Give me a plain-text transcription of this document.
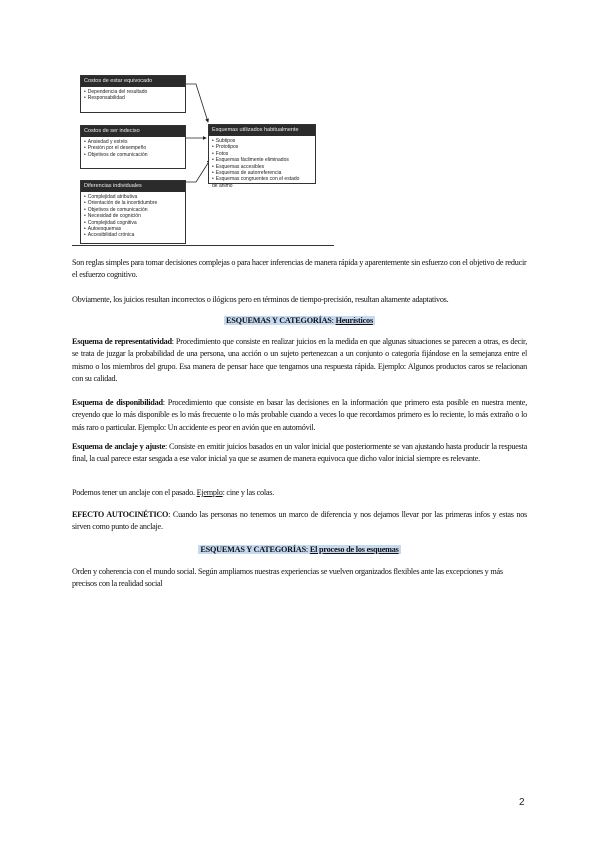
Costos de estar equivocado
• Dependencia del resultado
• Responsabilidad
Costos de ser indeciso
• Ansiedad y estrés
• Presión por el desempeño
• Objetivos de comunicación
Diferencias individuales
• Complejidad atributiva
• Orientación de la incertidumbre
• Objetivos de comunicación
• Necesidad de cognición
• Complejidad cognitiva
• Autoesquemas
• Accesibilidad crónica
Esquemas utilizados habitualmente
• Subtipos
• Prototipos
• Fotos
• Esquemas fácilmente eliminados
• Esquemas accesibles
• Esquemas de autorreferencia
• Esquemas congruentes con el estado de ánimo

Son reglas simples para tomar decisiones complejas o para hacer inferencias de manera rápida y aparentemente sin esfuerzo con el objetivo de reducir el esfuerzo cognitivo.

Obviamente, los juicios resultan incorrectos o ilógicos pero en términos de tiempo-precisión, resultan altamente adaptativos.

ESQUEMAS Y CATEGORÍAS: Heurísticos

Esquema de representatividad: Procedimiento que consiste en realizar juicios en la medida en que algunas situaciones se parecen a otras, es decir, se trata de juzgar la probabilidad de una persona, una acción o un sujeto pertenezcan a un conjunto o categoría fijándose en la semejanza entre el mismo o los miembros del grupo. Esa manera de pensar hace que tengamos una respuesta rápida. Ejemplo: Algunos productos caros se relacionan con su calidad.

Esquema de disponibilidad: Procedimiento que consiste en basar las decisiones en la información que primero esta posible en nuestra mente, creyendo que lo más disponible es lo más frecuente o lo más probable cuando a veces lo que recordamos primero es lo reciente, lo más extraño o lo más raro o particular. Ejemplo: Un accidente es peor en avión que en automóvil.

Esquema de anclaje y ajuste: Consiste en emitir juicios basados en un valor inicial que posteriormente se van ajustando hasta producir la respuesta final, la cual parece estar sesgada a ese valor inicial ya que se asumen de manera equivoca que dicho valor inicial siempre es relevante.

Podemos tener un anclaje con el pasado. Ejemplo: cine y las colas.

EFECTO AUTOCINÉTICO: Cuando las personas no tenemos un marco de diferencia y nos dejamos llevar por las primeras infos y estas nos sirven como punto de anclaje.

ESQUEMAS Y CATEGORÍAS: El proceso de los esquemas

Orden y coherencia con el mundo social. Según ampliamos nuestras experiencias se vuelven organizados flexibles ante las excepciones y más precisos con la realidad social

2
